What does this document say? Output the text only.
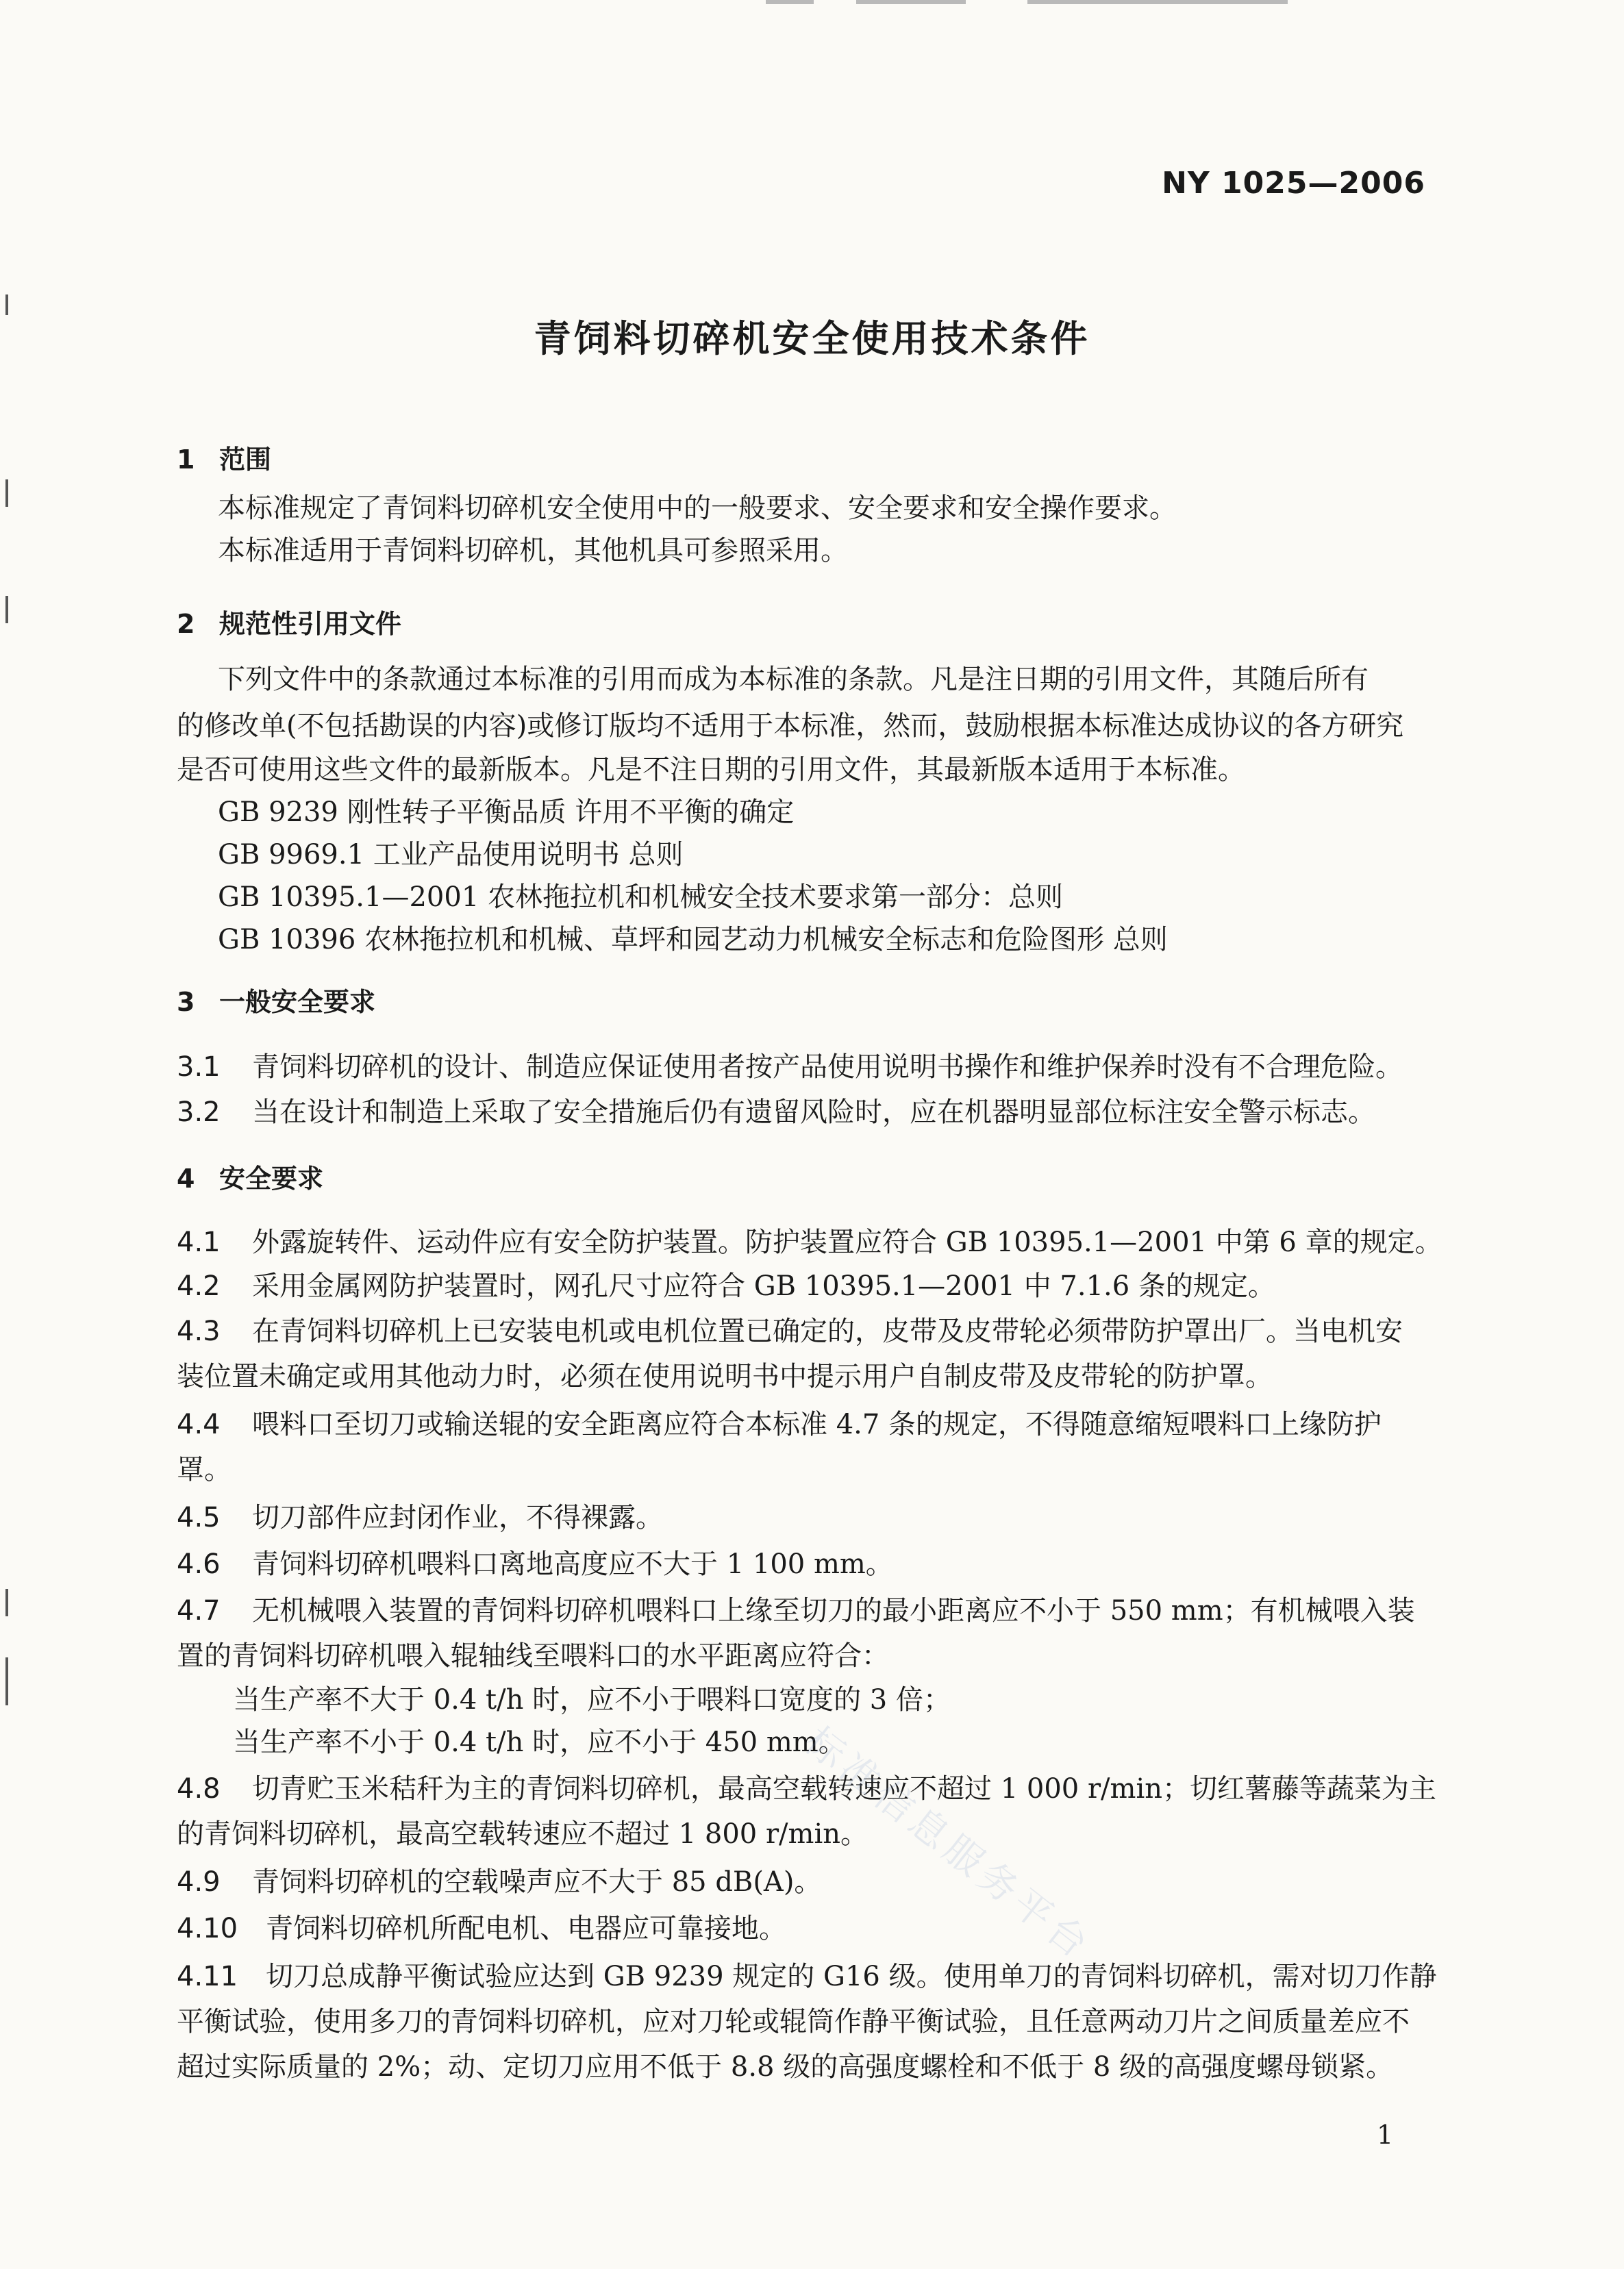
NY 1025—2006
青饲料切碎机安全使用技术条件
1 范围
本标准规定了青饲料切碎机安全使用中的一般要求、安全要求和安全操作要求。
本标准适用于青饲料切碎机，其他机具可参照采用。
2 规范性引用文件
下列文件中的条款通过本标准的引用而成为本标准的条款。凡是注日期的引用文件，其随后所有
的修改单(不包括勘误的内容)或修订版均不适用于本标准，然而，鼓励根据本标准达成协议的各方研究
是否可使用这些文件的最新版本。凡是不注日期的引用文件，其最新版本适用于本标准。
GB 9239 刚性转子平衡品质 许用不平衡的确定
GB 9969.1 工业产品使用说明书 总则
GB 10395.1—2001 农林拖拉机和机械安全技术要求第一部分：总则
GB 10396 农林拖拉机和机械、草坪和园艺动力机械安全标志和危险图形 总则
3 一般安全要求
3.1 青饲料切碎机的设计、制造应保证使用者按产品使用说明书操作和维护保养时没有不合理危险。
3.2 当在设计和制造上采取了安全措施后仍有遗留风险时，应在机器明显部位标注安全警示标志。
4 安全要求
4.1 外露旋转件、运动件应有安全防护装置。防护装置应符合 GB 10395.1—2001 中第 6 章的规定。
4.2 采用金属网防护装置时，网孔尺寸应符合 GB 10395.1—2001 中 7.1.6 条的规定。
4.3 在青饲料切碎机上已安装电机或电机位置已确定的，皮带及皮带轮必须带防护罩出厂。当电机安
装位置未确定或用其他动力时，必须在使用说明书中提示用户自制皮带及皮带轮的防护罩。
4.4 喂料口至切刀或输送辊的安全距离应符合本标准 4.7 条的规定，不得随意缩短喂料口上缘防护
罩。
4.5 切刀部件应封闭作业，不得裸露。
4.6 青饲料切碎机喂料口离地高度应不大于 1 100 mm。
4.7 无机械喂入装置的青饲料切碎机喂料口上缘至切刀的最小距离应不小于 550 mm；有机械喂入装
置的青饲料切碎机喂入辊轴线至喂料口的水平距离应符合：
当生产率不大于 0.4 t/h 时，应不小于喂料口宽度的 3 倍；
当生产率不小于 0.4 t/h 时，应不小于 450 mm。
4.8 切青贮玉米秸秆为主的青饲料切碎机，最高空载转速应不超过 1 000 r/min；切红薯藤等蔬菜为主
的青饲料切碎机，最高空载转速应不超过 1 800 r/min。
4.9 青饲料切碎机的空载噪声应不大于 85 dB(A)。
4.10 青饲料切碎机所配电机、电器应可靠接地。
4.11 切刀总成静平衡试验应达到 GB 9239 规定的 G16 级。使用单刀的青饲料切碎机，需对切刀作静
平衡试验，使用多刀的青饲料切碎机，应对刀轮或辊筒作静平衡试验，且任意两动刀片之间质量差应不
超过实际质量的 2%；动、定切刀应用不低于 8.8 级的高强度螺栓和不低于 8 级的高强度螺母锁紧。
标准信息服务平台
1
